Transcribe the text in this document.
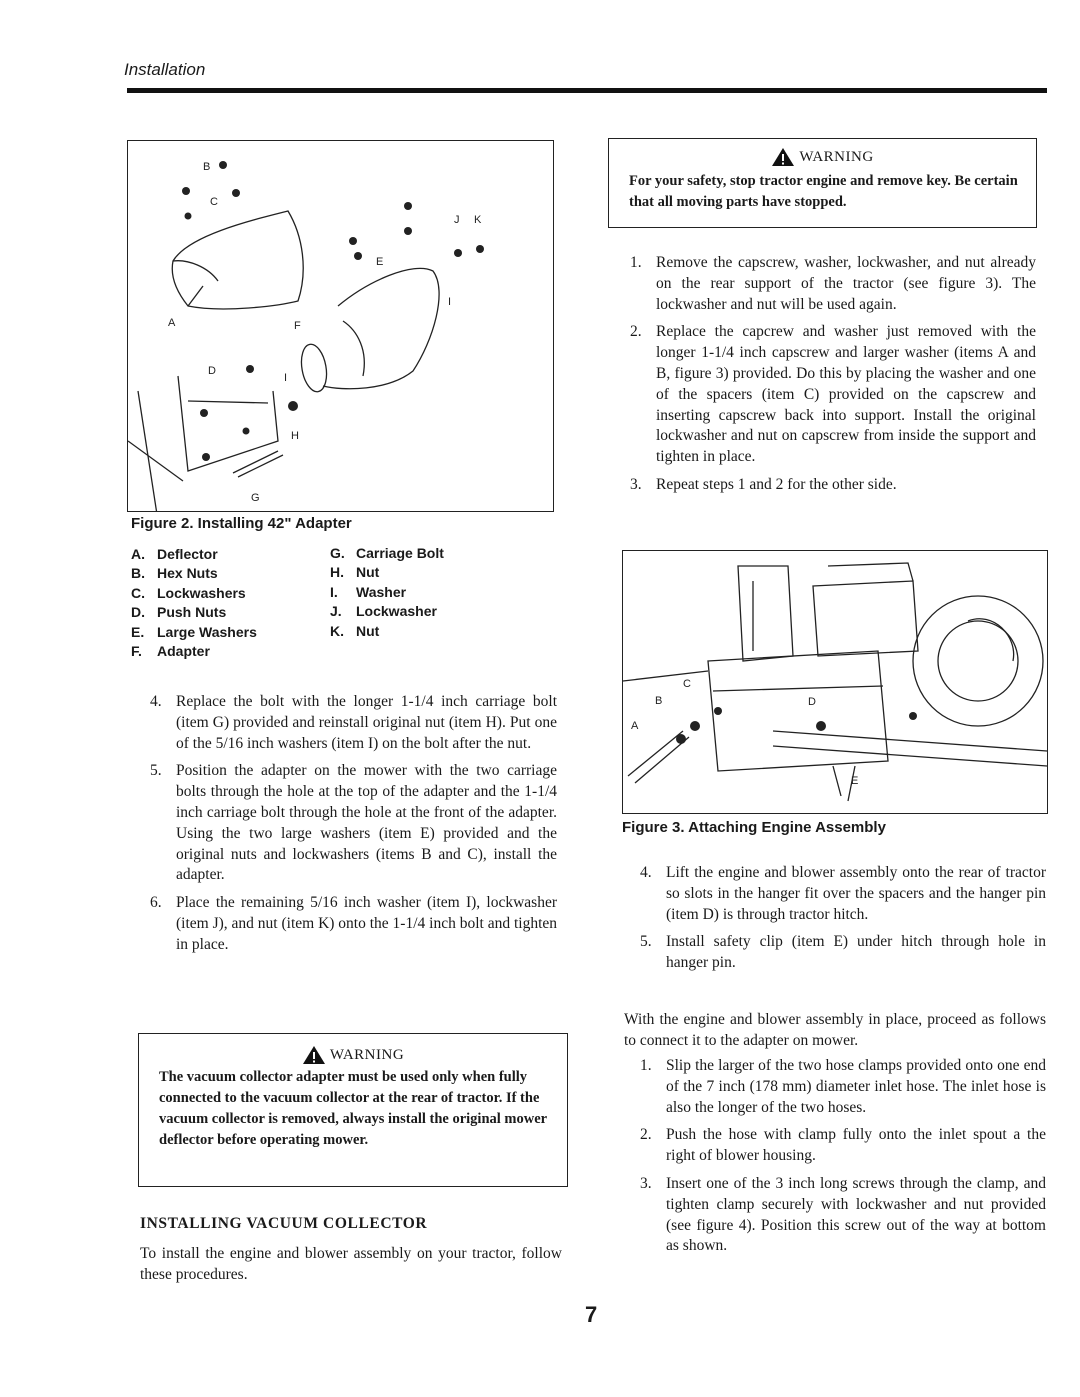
Installation
B
C
A
E
J K
I
F
D
I
H
G
Figure 2. Installing 42" Adapter
A. Deflector
B. Hex Nuts
C. Lockwashers
D. Push Nuts
E. Large Washers
F.	Adapter
G. Carriage Bolt
H. Nut
I.	Washer
J.	Lockwasher
K. Nut
WARNING
For your safety, stop tractor engine and remove key. Be certain that all moving parts have stopped.
1. Remove the capscrew, washer, lockwasher, and nut already on the rear support of the tractor (see figure 3). The lockwasher and nut will be used again.
2. Replace the capcrew and washer just removed with the longer 1-1/4 inch capscrew and larger washer (items A and B, figure 3) provided. Do this by placing the washer and one of the spacers (item C) provided on the capscrew and inserting capscrew back into support. Install the original lockwasher and nut on capscrew from inside the support and tighten in place.
3. Repeat steps 1 and 2 for the other side.
C
B
A
D
E
Figure 3. Attaching Engine Assembly
4. Replace the bolt with the longer 1-1/4 inch carriage bolt (item G) provided and reinstall original nut (item H). Put one of the 5/16 inch washers (item I) on the bolt after the nut.
5. Position the adapter on the mower with the two carriage bolts through the hole at the top of the adapter and the 1-1/4 inch carriage bolt through the hole at the front of the adapter. Using the two large washers (item E) provided and the original nuts and lockwashers (items B and C), install the adapter.
6. Place the remaining 5/16 inch washer (item I), lockwasher (item J), and nut (item K) onto the 1-1/4 inch bolt and tighten in place.
4. Lift the engine and blower assembly onto the rear of tractor so slots in the hanger fit over the spacers and the hanger pin (item D) is through tractor hitch.
5. Install safety clip (item E) under hitch through hole in hanger pin.
With the engine and blower assembly in place, proceed as follows to connect it to the adapter on mower.
1. Slip the larger of the two hose clamps provided onto one end of the 7 inch (178 mm) diameter inlet hose. The inlet hose is also the longer of the two hoses.
2. Push the hose with clamp fully onto the inlet spout a the right of blower housing.
3. Insert one of the 3 inch long screws through the clamp, and tighten clamp securely with lockwasher and nut provided (see figure 4). Position this screw out of the way at bottom as shown.
WARNING
The vacuum collector adapter must be used only when fully connected to the vacuum collector at the rear of tractor. If the vacuum collector is removed, always install the original mower deflector before operating mower.
INSTALLING VACUUM COLLECTOR
To install the engine and blower assembly on your tractor, follow these procedures.
7
